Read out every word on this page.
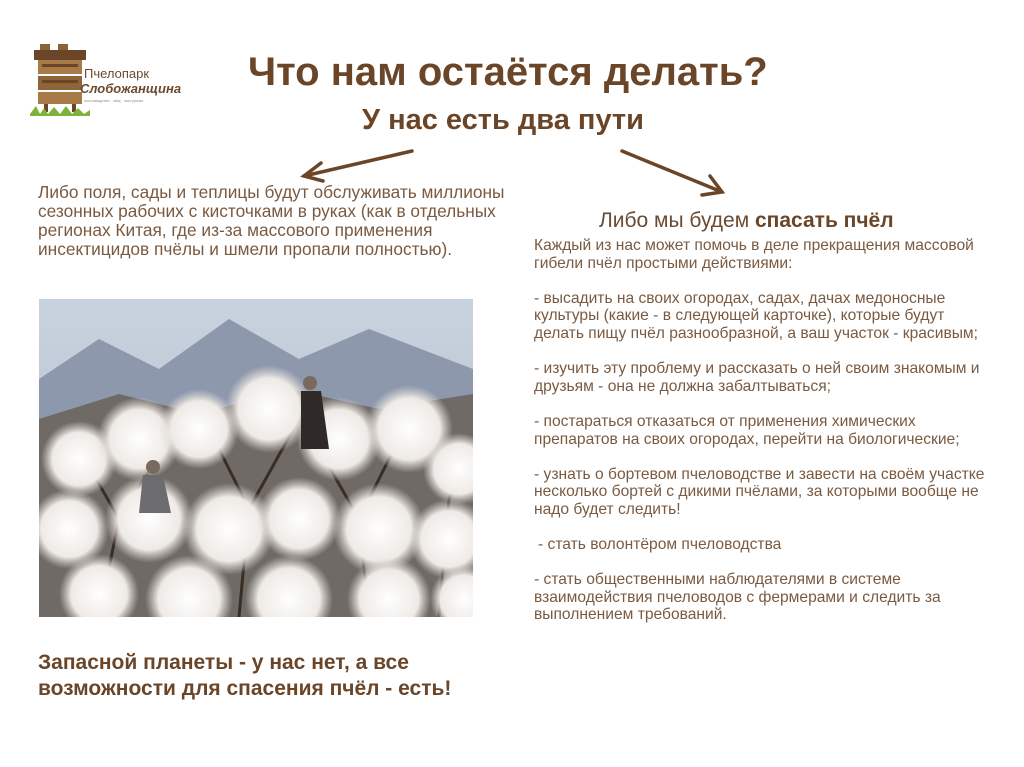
Пчелопарк
Слобожанщина
пчеловодство · мёд · экотуризм
Что нам остаётся делать?
У нас есть два пути

Либо поля, сады и теплицы будут обслуживать миллионы сезонных рабочих с кисточками в руках (как в отдельных регионах Китая, где из-за массового применения инсектицидов пчёлы и шмели пропали полностью).

Либо мы будем спасать пчёл

Каждый из нас может помочь в деле прекращения массовой гибели пчёл простыми действиями:

- высадить на своих огородах, садах, дачах медоносные культуры (какие - в следующей карточке), которые будут делать пищу пчёл разнообразной, а ваш участок - красивым;

- изучить эту проблему и рассказать о ней своим знакомым и друзьям - она не должна забалтываться;

- постараться отказаться от применения химических препаратов на своих огородах, перейти на биологические;

- узнать о бортевом пчеловодстве и завести на своём участке несколько бортей с дикими пчёлами, за которыми вообще не надо будет следить!

- стать волонтёром пчеловодства

- стать общественными наблюдателями в системе взаимодействия пчеловодов с фермерами и следить за выполнением требований.

Запасной планеты - у нас нет, а все возможности для спасения пчёл - есть!
